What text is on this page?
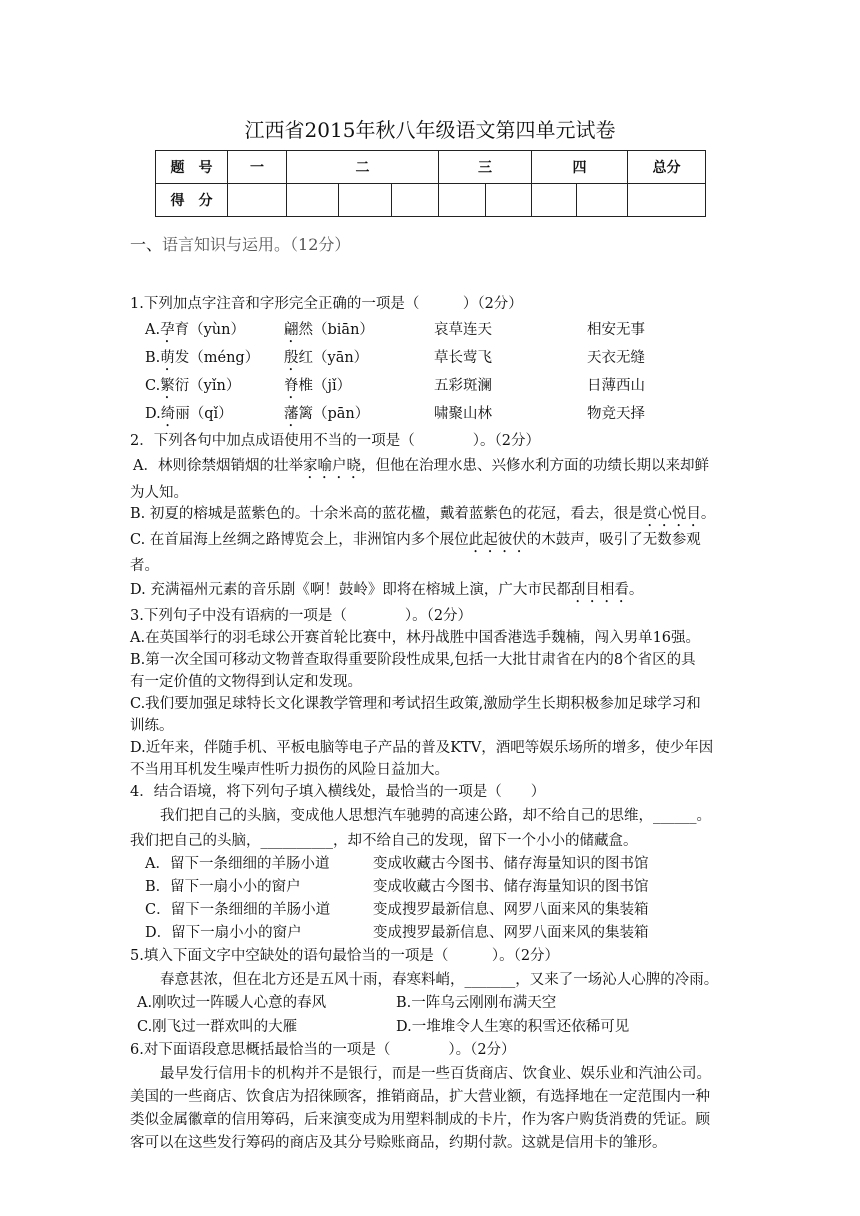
江西省2015年秋八年级语文第四单元试卷
题　号	一	二			三		四		总分
得　分									
一、语言知识与运用。（12分）
1.下列加点字注音和字形完全正确的一项是（　　　）（2分）
A.孕育（yùn）	翩然（biān）	哀草连天	相安无事
B.萌发（méng） 殷红（yān）	草长莺飞	天衣无缝
C.繁衍（yǐn）	脊椎（jǐ）	五彩斑澜	日薄西山
D.绮丽（qǐ）	藩篱（pān）	啸聚山林	物竞天择
2．下列各句中加点成语使用不当的一项是（　　　　）。（2分）
A．林则徐禁烟销烟的壮举家喻户晓，但他在治理水患、兴修水利方面的功绩长期以来却鲜
为人知。
B. 初夏的榕城是蓝紫色的。十余米高的蓝花楹，戴着蓝紫色的花冠，看去，很是赏心悦目。
C. 在首届海上丝绸之路博览会上，非洲馆内多个展位此起彼伏的木鼓声，吸引了无数参观
者。
D. 充满福州元素的音乐剧《啊！鼓岭》即将在榕城上演，广大市民都刮目相看。
3.下列句子中没有语病的一项是（　　　　）。（2分）
A.在英国举行的羽毛球公开赛首轮比赛中，林丹战胜中国香港选手魏楠，闯入男单16强。
B.第一次全国可移动文物普查取得重要阶段性成果,包括一大批甘肃省在内的8个省区的具
有一定价值的文物得到认定和发现。
C.我们要加强足球特长文化课教学管理和考试招生政策,激励学生长期积极参加足球学习和
训练。
D.近年来，伴随手机、平板电脑等电子产品的普及KTV，酒吧等娱乐场所的增多，使少年因
不当用耳机发生噪声性听力损伤的风险日益加大。
4．结合语境，将下列句子填入横线处，最恰当的一项是（　　）
我们把自己的头脑，变成他人思想汽车驰骋的高速公路，却不给自己的思维，______。
我们把自己的头脑，__________，却不给自己的发现，留下一个小小的储藏盒。
A．留下一条细细的羊肠小道	变成收藏古今图书、储存海量知识的图书馆
B．留下一扇小小的窗户	变成收藏古今图书、储存海量知识的图书馆
C．留下一条细细的羊肠小道	变成搜罗最新信息、网罗八面来风的集装箱
D．留下一扇小小的窗户	变成搜罗最新信息、网罗八面来风的集装箱
5.填入下面文字中空缺处的语句最恰当的一项是（　　　）。（2分）
春意甚浓，但在北方还是五风十雨，春寒料峭，_______，又来了一场沁人心脾的冷雨。
A.刚吹过一阵暖人心意的春风	B.一阵乌云刚刚布满天空
C.刚飞过一群欢叫的大雁	D.一堆堆令人生寒的积雪还依稀可见
6.对下面语段意思概括最恰当的一项是（　　　　）。（2分）
最早发行信用卡的机构并不是银行，而是一些百货商店、饮食业、娱乐业和汽油公司。
美国的一些商店、饮食店为招徕顾客，推销商品，扩大营业额，有选择地在一定范围内一种
类似金属徽章的信用筹码，后来演变成为用塑料制成的卡片，作为客户购货消费的凭证。顾
客可以在这些发行筹码的商店及其分号赊账商品，约期付款。这就是信用卡的雏形。
